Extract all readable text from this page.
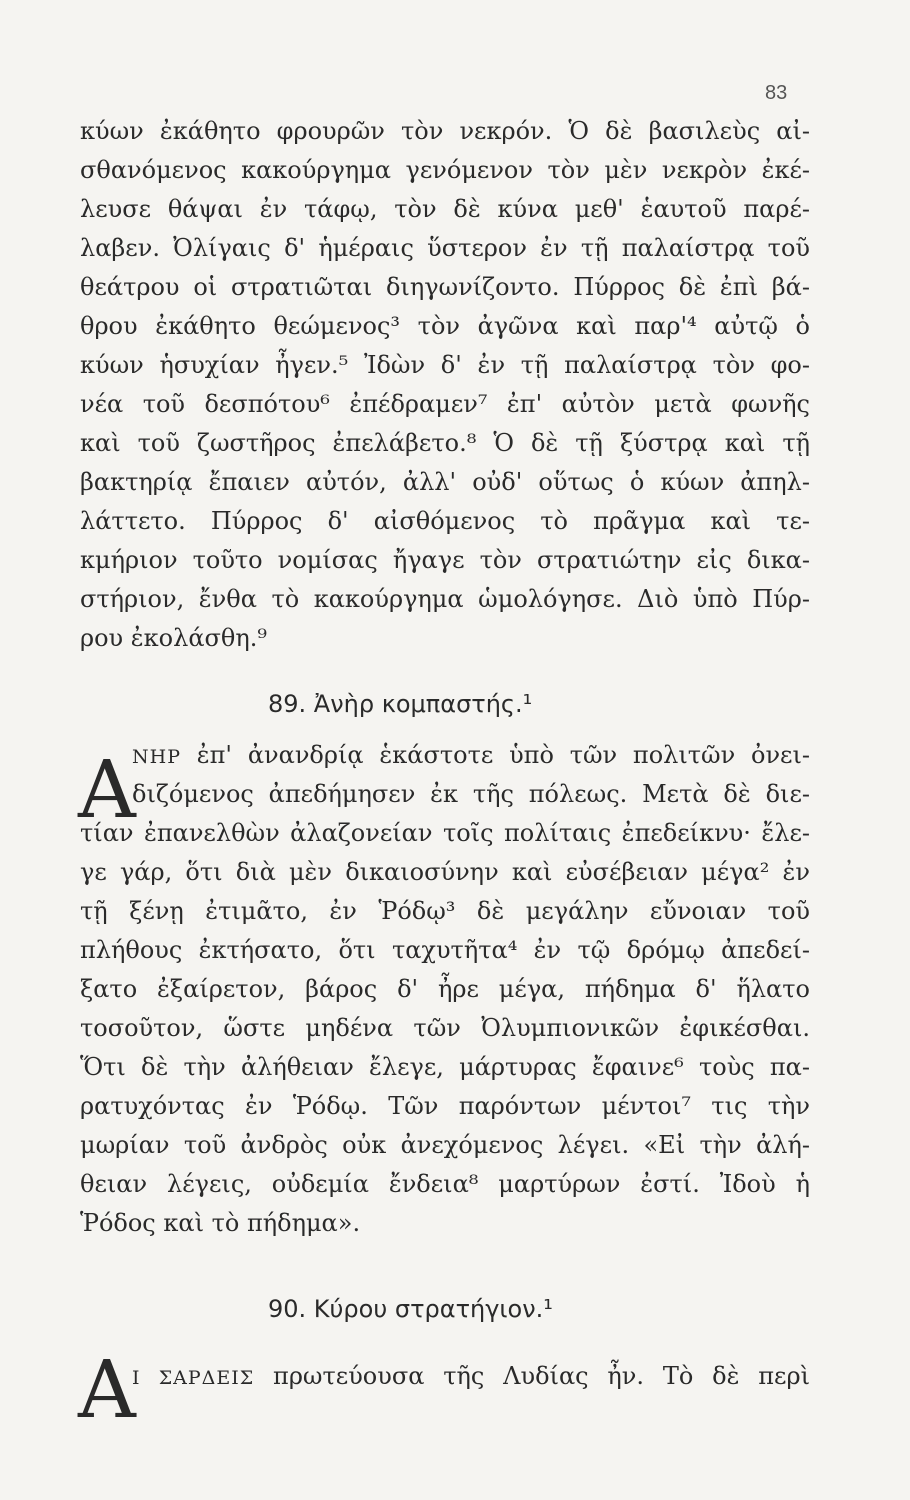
83
κύων ἐκάθητο φρουρῶν τὸν νεκρόν. Ὁ δὲ βασιλεὺς αἰ-
σθανόμενος κακούργημα γενόμενον τὸν μὲν νεκρὸν ἐκέ-
λευσε θάψαι ἐν τάφῳ, τὸν δὲ κύνα μεθ' ἑαυτοῦ παρέ-
λαβεν. Ὀλίγαις δ' ἡμέραις ὕστερον ἐν τῇ παλαίστρᾳ τοῦ
θεάτρου οἱ στρατιῶται διηγωνίζοντο. Πύρρος δὲ ἐπὶ βά-
θρου ἐκάθητο θεώμενος³ τὸν ἀγῶνα καὶ παρ'⁴ αὐτῷ ὁ
κύων ἡσυχίαν ἦγεν.⁵ Ἰδὼν δ' ἐν τῇ παλαίστρᾳ τὸν φο-
νέα τοῦ δεσπότου⁶ ἐπέδραμεν⁷ ἐπ' αὐτὸν μετὰ φωνῆς
καὶ τοῦ ζωστῆρος ἐπελάβετο.⁸ Ὁ δὲ τῇ ξύστρᾳ καὶ τῇ
βακτηρίᾳ ἔπαιεν αὐτόν, ἀλλ' οὐδ' οὕτως ὁ κύων ἀπηλ-
λάττετο. Πύρρος δ' αἰσθόμενος τὸ πρᾶγμα καὶ τε-
κμήριον τοῦτο νομίσας ἤγαγε τὸν στρατιώτην εἰς δικα-
στήριον, ἔνθα τὸ κακούργημα ὡμολόγησε. Διὸ ὑπὸ Πύρ-
ρου ἐκολάσθη.⁹
89. Ἀνὴρ κομπαστής.¹
Α
ΝΗΡ ἐπ' ἀνανδρίᾳ ἑκάστοτε ὑπὸ τῶν πολιτῶν ὀνει-
διζόμενος ἀπεδήμησεν ἐκ τῆς πόλεως. Μετὰ δὲ διε-
τίαν ἐπανελθὼν ἀλαζονείαν τοῖς πολίταις ἐπεδείκνυ· ἔλε-
γε γάρ, ὅτι διὰ μὲν δικαιοσύνην καὶ εὐσέβειαν μέγα² ἐν
τῇ ξένῃ ἐτιμᾶτο, ἐν Ῥόδῳ³ δὲ μεγάλην εὔνοιαν τοῦ
πλήθους ἐκτήσατο, ὅτι ταχυτῆτα⁴ ἐν τῷ δρόμῳ ἀπεδεί-
ξατο ἐξαίρετον, βάρος δ' ἦρε μέγα, πήδημα δ' ἥλατο
τοσοῦτον, ὥστε μηδένα τῶν Ὀλυμπιονικῶν ἐφικέσθαι.
Ὅτι δὲ τὴν ἀλήθειαν ἔλεγε, μάρτυρας ἔφαινε⁶ τοὺς πα-
ρατυχόντας ἐν Ῥόδῳ. Τῶν παρόντων μέντοι⁷ τις τὴν
μωρίαν τοῦ ἀνδρὸς οὐκ ἀνεχόμενος λέγει. «Εἰ τὴν ἀλή-
θειαν λέγεις, οὐδεμία ἔνδεια⁸ μαρτύρων ἐστί. Ἰδοὺ ἡ
Ῥόδος καὶ τὸ πήδημα».
90. Κύρου στρατήγιον.¹
Α
Ι ΣΑΡΔΕΙΣ πρωτεύουσα τῆς Λυδίας ἦν. Τὸ δὲ περὶ
